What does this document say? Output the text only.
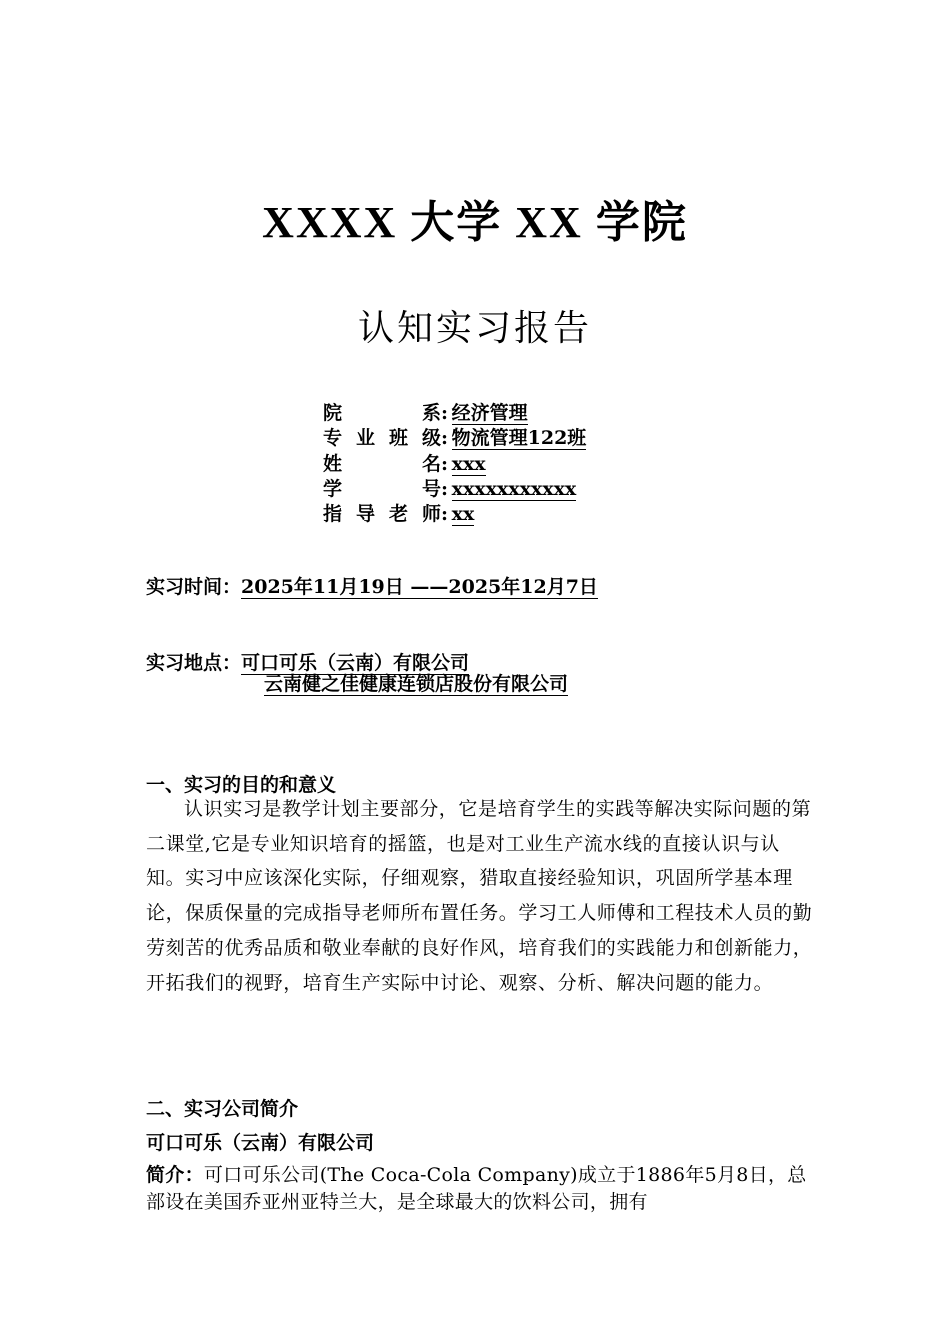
XXXX 大学 XX 学院
认知实习报告
院系: 经济管理
专业班级: 物流管理122班
姓名: xxx
学号: xxxxxxxxxxx
指导老师: xx
实习时间：2025年11月19日 ——2025年12月7日
实习地点：可口可乐（云南）有限公司
云南健之佳健康连锁店股份有限公司
一、实习的目的和意义
认识实习是教学计划主要部分，它是培育学生的实践等解决实际问题的第二课堂,它是专业知识培育的摇篮，也是对工业生产流水线的直接认识与认知。实习中应该深化实际，仔细观察，猎取直接经验知识，巩固所学基本理论，保质保量的完成指导老师所布置任务。学习工人师傅和工程技术人员的勤劳刻苦的优秀品质和敬业奉献的良好作风，培育我们的实践能力和创新能力，开拓我们的视野，培育生产实际中讨论、观察、分析、解决问题的能力。
二、实习公司简介
可口可乐（云南）有限公司
简介：可口可乐公司(The Coca-Cola Company)成立于1886年5月8日，总部设在美国乔亚州亚特兰大，是全球最大的饮料公司，拥有
